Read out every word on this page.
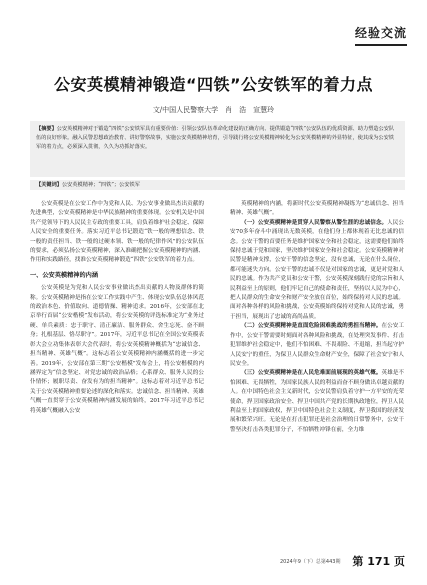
经验交流
公安英模精神锻造“四铁”公安铁军的着力点
文/中国人民警察大学　肖　浩　宣慧玲
【摘要】公安英模精神对于锻造“四铁”公安铁军具有重要价值：引领公安队伍革命化建设的正确方向、提供锻造“四铁”公安队伍的优质资源、助力塑造公安队伍的良好形象。融入民警思想政治教育、讲好警察故事，实施公安英模精神培育，引导践行将公安英模精神转化为公安英模精神的外显特征，使其成为公安铁军的着力点，必须深入贯彻，久久为功抓好落实。
【关键词】公安英模精神；“四铁”；公安铁军

公安英模是在公安工作中为党和人民、为公安事业做出杰出贡献的先进典型，公安英模精神是中华民族精神的重要体现。公安机关是中国共产党领导下的人民民主专政的重要工具，肩负着维护社会稳定、保障人民安全的重要任务。落实习近平总书记锻造“铁一般的理想信念、铁一般的责任担当、铁一般的过硬本领、铁一般的纪律作风”的公安队伍的要求，必须弘扬公安英模精神，深入准确把握公安英模精神的内涵、作用和实践路径，找准公安英模精神锻造“四铁”公安铁军的着力点。

一、公安英模精神的内涵

公安英模是为党和人民公安事业做出杰出贡献的人物及群体的简称。公安英模精神是指在公安工作实践中产生、体现公安队伍总体风范的政治本色、价值取向、道德情操、精神追求。2016年，公安部在北京举行首届“公安楷模”发布活动，将公安英模的评选标准定为“业务过硬、单兵素质：忠于职守、清正廉洁、服务群众、舍生忘死、奋不顾身；扎根基层、恪尽职守”。2017年，习近平总书记在全国公安英模表彰大会立功集体表彰大会代表时，将公安英模精神概括为“忠诚信念、担当精神、英雄气概”。这标志着公安英模精神内涵概括的进一步完善。2019年，公安部在第三期“公安楷模”发布会上，将公安楷模的内涵界定为“信念坚定、对党忠诚的政治品格；心系群众、服务人民的公仆情怀；履职尽责、奋发有为的担当精神”。这标志着对习近平总书记关于公安英模精神重要论述的深化和落实。忠诚信念、担当精神、英雄气概一直贯穿于公安英模精神内涵发展的始终，2017年习近平总书记将英雄气概融入公安

英模精神的内涵，将新时代公安英模精神凝练为“忠诚信念、担当精神、英雄气概”。

（一）公安英模精神是贯穿人民警察从警生涯的忠诚信念。人民公安70多年奋斗中涌现出无数英模，在他们身上都体现着无比忠诚的信念。公安干警的首要任务是维护国家安全和社会稳定，这需要他们始终保持忠诚于党和国家，坚决维护国家安全和社会稳定。公安英模精神对民警是精神支撑，公安干警的信念坚定，没有忠诚，无论在什么岗位，都可能迷失方向。公安干警的忠诚不仅是对国家的忠诚，更是对党和人民的忠诚。作为共产党员和公安干警，公安英模深刻践行党的宗旨和人民利益至上的原则，他们牢记自己的使命和责任，坚持以人民为中心，把人民群众的生命安全和财产安全放在首位，始终保持对人民的忠诚。面对各种各样的风险和挑战，公安英模始终保持对党和人民的忠诚，勇于担当，展现出了忠诚的高尚品质。

（二）公安英模精神是直面危险困难挑战的勇担当精神。在公安工作中，公安干警需要时刻面对各种风险和挑战，在处理突发事件、打击犯罪维护社会稳定中，他们不怕困难、不畏艰险、不退缩，担当起守护人民安宁的重任，为保卫人民群众生命财产安全，保障了社会安宁和人民安全。

（三）公安英模精神是在人民危难面前展现的英雄气概。英雄是不怕困难、无畏牺牲，为国家民族人民的利益而奋不顾身做出卓越贡献的人。在中国特色社会主义新时代，公安民警肩负着守护一方平安的光荣使命，捍卫国家政治安全、捍卫中国共产党的长期执政地位，捍卫人民利益至上的国家政权，捍卫中国特色社会主义制度，捍卫我国的经济发展和繁荣兴旺。无论是在打击犯罪还是社会治理的日常警务中，公安干警坚决打击各类犯罪分子，不怕牺牲冲锋在前，全力维

2024年9（下）总第443期 第 171 页
